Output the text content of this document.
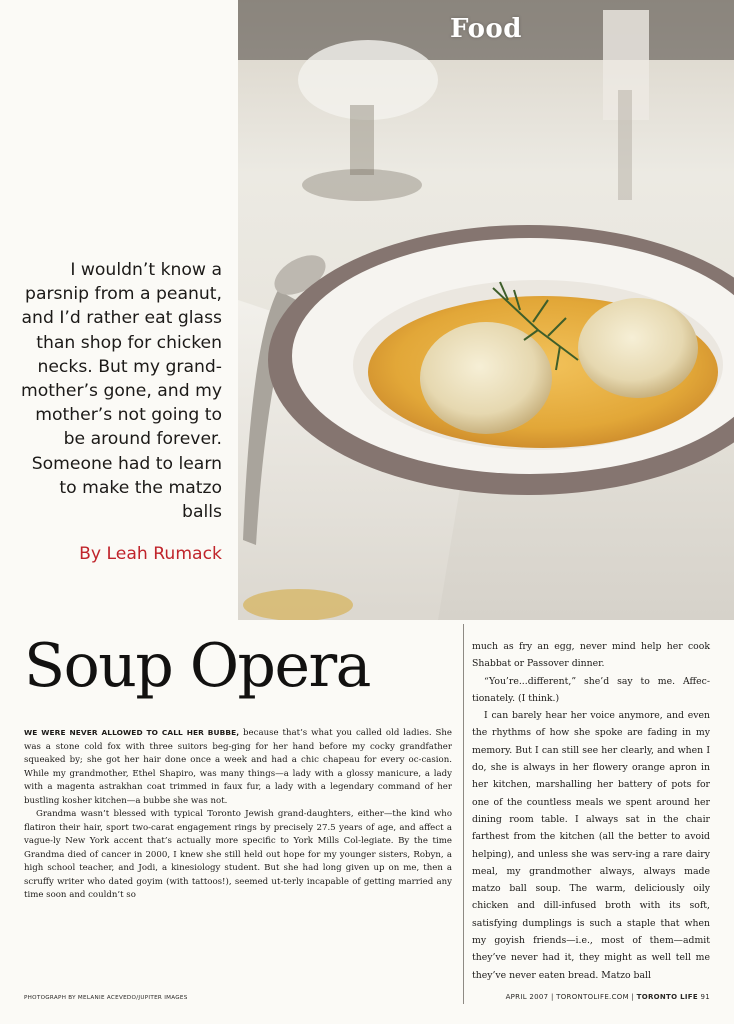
Food
I wouldn’t know a parsnip from a peanut, and I’d rather eat glass than shop for chicken necks. But my grand-mother’s gone, and my mother’s not going to be around forever. Someone had to learn to make the matzo balls
By Leah Rumack
Soup Opera

WE WERE NEVER ALLOWED TO CALL HER BUBBE, because that’s what you called old ladies. She was a stone cold fox with three suitors beg-ging for her hand before my cocky grandfather squeaked by; she got her hair done once a week and had a chic chapeau for every oc-casion. While my grandmother, Ethel Shapiro, was many things—a lady with a glossy manicure, a lady with a magenta astrakhan coat trimmed in faux fur, a lady with a legendary command of her bustling kosher kitchen—a bubbe she was not.

Grandma wasn’t blessed with typical Toronto Jewish grand-daughters, either—the kind who flatiron their hair, sport two-carat engagement rings by precisely 27.5 years of age, and affect a vague-ly New York accent that’s actually more specific to York Mills Col-legiate. By the time Grandma died of cancer in 2000, I knew she still held out hope for my younger sisters, Robyn, a high school teacher, and Jodi, a kinesiology student. But she had long given up on me, then a scruffy writer who dated goyim (with tattoos!), seemed ut-terly incapable of getting married any time soon and couldn’t so

much as fry an egg, never mind help her cook Shabbat or Passover dinner.

“You’re...different,” she’d say to me. Affec-tionately. (I think.)

I can barely hear her voice anymore, and even the rhythms of how she spoke are fading in my memory. But I can still see her clearly, and when I do, she is always in her flowery orange apron in her kitchen, marshalling her battery of pots for one of the countless meals we spent around her dining room table. I always sat in the chair farthest from the kitchen (all the better to avoid helping), and unless she was serv-ing a rare dairy meal, my grandmother always, always made matzo ball soup. The warm, deliciously oily chicken and dill-infused broth with its soft, satisfying dumplings is such a staple that when my goyish friends—i.e., most of them—admit they’ve never had it, they might as well tell me they’ve never eaten bread. Matzo ball

PHOTOGRAPH BY MELANIE ACEVEDO/JUPITER IMAGES	APRIL 2007 | TORONTOLIFE.COM | TORONTO LIFE 91
